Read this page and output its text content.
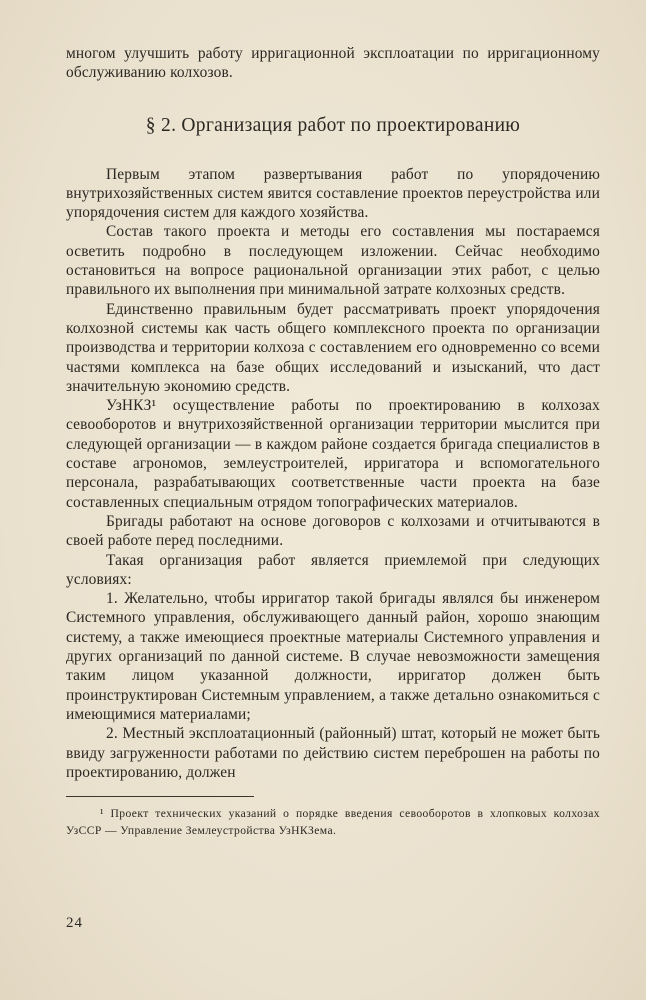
многом улучшить работу ирригационной эксплоатации по ирригационному обслуживанию колхозов.

§ 2. Организация работ по проектированию

Первым этапом развертывания работ по упорядочению внутрихозяйственных систем явится составление проектов переустройства или упорядочения систем для каждого хозяйства.

Состав такого проекта и методы его составления мы постараемся осветить подробно в последующем изложении. Сейчас необходимо остановиться на вопросе рациональной организации этих работ, с целью правильного их выполнения при минимальной затрате колхозных средств.

Единственно правильным будет рассматривать проект упорядочения колхозной системы как часть общего комплексного проекта по организации производства и территории колхоза с составлением его одновременно со всеми частями комплекса на базе общих исследований и изысканий, что даст значительную экономию средств.

УзНКЗ¹ осуществление работы по проектированию в колхозах севооборотов и внутрихозяйственной организации территории мыслится при следующей организации — в каждом районе создается бригада специалистов в составе агрономов, землеустроителей, ирригатора и вспомогательного персонала, разрабатывающих соответственные части проекта на базе составленных специальным отрядом топографических материалов.

Бригады работают на основе договоров с колхозами и отчитываются в своей работе перед последними.

Такая организация работ является приемлемой при следующих условиях:

1. Желательно, чтобы ирригатор такой бригады являлся бы инженером Системного управления, обслуживающего данный район, хорошо знающим систему, а также имеющиеся проектные материалы Системного управления и других организаций по данной системе. В случае невозможности замещения таким лицом указанной должности, ирригатор должен быть проинструктирован Системным управлением, а также детально ознакомиться с имеющимися материалами;

2. Местный эксплоатационный (районный) штат, который не может быть ввиду загруженности работами по действию систем переброшен на работы по проектированию, должен

¹ Проект технических указаний о порядке введения севооборотов в хлопковых колхозах УзССР — Управление Землеустройства УзНКЗема.

24
